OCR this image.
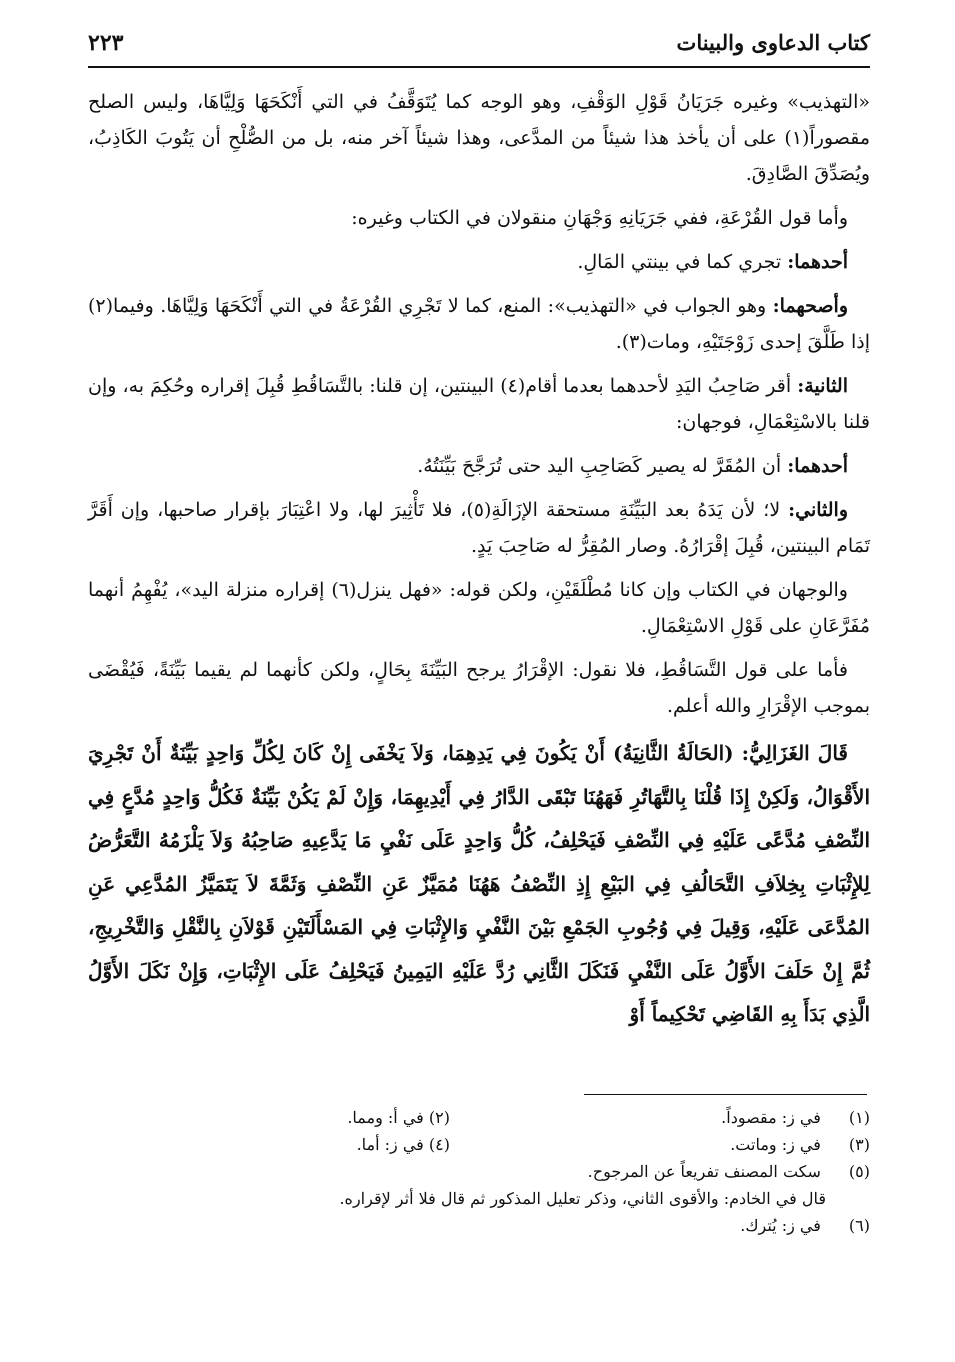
كتاب الدعاوى والبينات
٢٢٣

«التهذيب» وغيره جَرَيَانُ قَوْلِ الوَقْفِ، وهو الوجه كما يُتَوَقَّفُ في التي أَنْكَحَهَا وَلِيَّاهَا، وليس الصلح مقصوراً(١) على أن يأخذ هذا شيئاً من المدَّعى، وهذا شيئاً آخر منه، بل من الصُّلْحِ أن يَتُوبَ الكَاذِبُ، ويُصَدِّقَ الصَّادِقَ.

وأما قول القُرْعَةِ، ففي جَرَيَانِهِ وَجْهَانِ منقولان في الكتاب وغيره:

أحدهما: تجري كما في بينتي المَالِ.

وأصحهما: وهو الجواب في «التهذيب»: المنع، كما لا تَجْرِي القُرْعَةُ في التي أَنْكَحَهَا وَلِيَّاهَا. وفيما(٢) إذا طَلَّقَ إحدى زَوْجَتَيْهِ، ومات(٣).

الثانية: أقر صَاحِبُ اليَدِ لأحدهما بعدما أقام(٤) البينتين، إن قلنا: بالتَّسَاقُطِ قُبِلَ إقراره وحُكِمَ به، وإن قلنا بالاسْتِعْمَالِ، فوجهان:

أحدهما: أن المُقَرَّ له يصير كَصَاحِبِ اليد حتى تُرَجَّحَ بَيِّنَتُهُ.

والثاني: لا؛ لأن يَدَهُ بعد البَيِّنَةِ مستحقة الإزَالَةِ(٥)، فلا تَأْثِيرَ لها، ولا اعْتِبَارَ بإقرار صاحبها، وإن أَقَرَّ تَمَام البينتين، قُبِلَ إقْرَارُهُ. وصار المُقِرُّ له صَاحِبَ يَدٍ.

والوجهان في الكتاب وإن كانا مُطْلَقَيْنِ، ولكن قوله: «فهل ينزل(٦) إقراره منزلة اليد»، يُفْهِمُ أنهما مُفَرَّعَانِ على قَوْلِ الاسْتِعْمَالِ.

فأما على قول التَّسَاقُطِ، فلا نقول: الإقْرَارُ يرجح البَيِّنَةَ بِحَالٍ، ولكن كأنهما لم يقيما بَيِّنَةً، فَيُقْضَى بموجب الإقْرَارِ والله أعلم.

قَالَ الغَزَالِيُّ: (الحَالَةُ الثَّانِيَةُ) أَنْ يَكُونَ فِي يَدِهِمَا، وَلاَ يَخْفَى إِنْ كَانَ لِكُلِّ وَاحِدٍ بَيِّنَةٌ أَنْ تَجْرِيَ الأَقْوَالُ، وَلَكِنْ إِذَا قُلْنَا بِالتَّهَاتُرِ فَهَهُنَا تَبْقَى الدَّارُ فِي أَيْدِيهِمَا، وَإِنْ لَمْ يَكُنْ بَيِّنَةٌ فَكُلُّ وَاحِدٍ مُدَّعٍ فِي النِّصْفِ مُدَّعًى عَلَيْهِ فِي النِّصْفِ فَيَحْلِفُ، كُلُّ وَاحِدٍ عَلَى نَفْيِ مَا يَدَّعِيهِ صَاحِبُهُ وَلاَ يَلْزَمُهُ التَّعَرُّضُ لِلإِثْبَاتِ بِخِلاَفِ التَّحَالُفِ فِي البَيْعِ إِذِ النِّصْفُ هَهُنَا مُمَيَّزٌ عَنِ النِّصْفِ وَثَمَّةَ لاَ يَتَمَيَّزُ المُدَّعِي عَنِ المُدَّعَى عَلَيْهِ، وَقِيلَ فِي وُجُوبِ الجَمْعِ بَيْنَ النَّفْيِ وَالإِثْبَاتِ فِي المَسْأَلَتَيْنِ قَوْلاَنِ بِالنَّقْلِ وَالتَّخْرِيجِ، ثُمَّ إِنْ حَلَفَ الأَوَّلُ عَلَى النَّفْيِ فَنَكَلَ الثَّانِي رُدَّ عَلَيْهِ اليَمِينُ فَيَحْلِفُ عَلَى الإِثْبَاتِ، وَإِنْ نَكَلَ الأَوَّلُ الَّذِي بَدَأَ بِهِ القَاضِي تَحْكِيماً أَوْ

(١) في ز: مقصوداً.
(٢) في أ: ومما.
(٣) في ز: وماتت.
(٤) في ز: أما.
(٥) سكت المصنف تفريعاً عن المرجوح.
قال في الخادم: والأقوى الثاني، وذكر تعليل المذكور ثم قال فلا أثر لإقراره.
(٦) في ز: يُترك.
